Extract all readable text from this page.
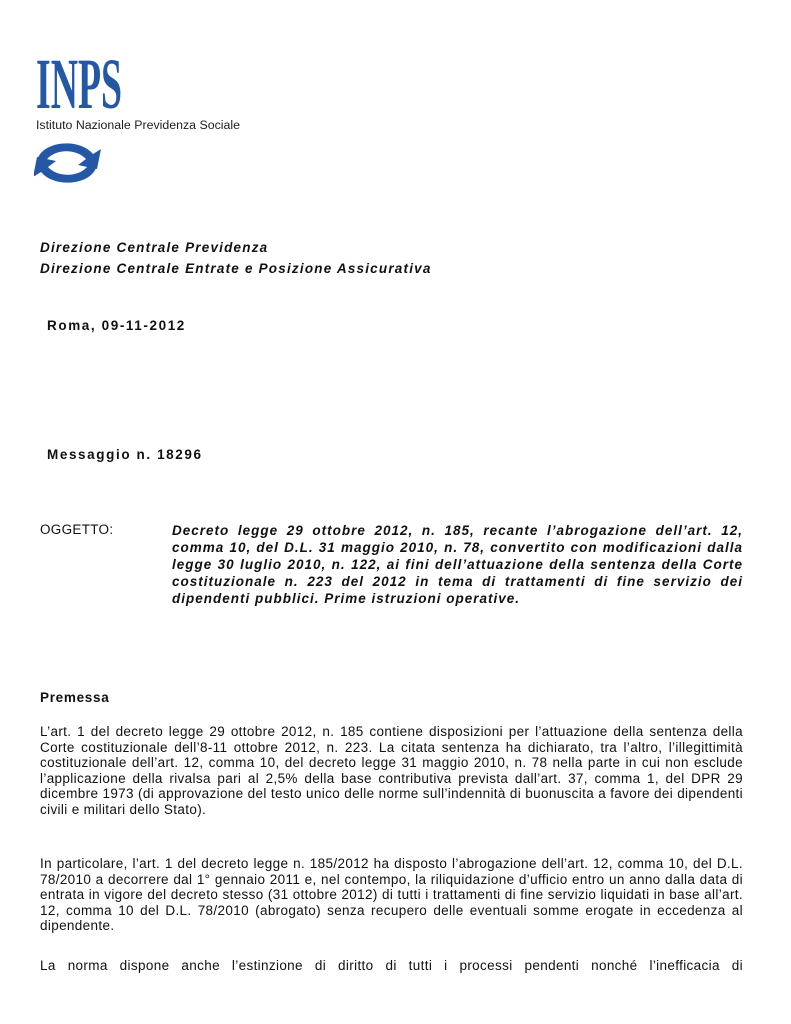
INPS
Istituto Nazionale Previdenza Sociale
Direzione Centrale Previdenza
Direzione Centrale Entrate e Posizione Assicurativa
Roma, 09-11-2012
Messaggio n. 18296
OGGETTO:	Decreto legge 29 ottobre 2012, n. 185, recante l’abrogazione dell’art. 12, comma 10, del D.L. 31 maggio 2010, n. 78, convertito con modificazioni dalla legge 30 luglio 2010, n. 122, ai fini dell’attuazione della sentenza della Corte costituzionale n. 223 del 2012 in tema di trattamenti di fine servizio dei dipendenti pubblici. Prime istruzioni operative.
Premessa
L’art. 1 del decreto legge 29 ottobre 2012, n. 185 contiene disposizioni per l’attuazione della sentenza della Corte costituzionale dell’8-11 ottobre 2012, n. 223. La citata sentenza ha dichiarato, tra l’altro, l’illegittimità costituzionale dell’art. 12, comma 10, del decreto legge 31 maggio 2010, n. 78 nella parte in cui non esclude l’applicazione della rivalsa pari al 2,5% della base contributiva prevista dall’art. 37, comma 1, del DPR 29 dicembre 1973 (di approvazione del testo unico delle norme sull’indennità di buonuscita a favore dei dipendenti civili e militari dello Stato).
In particolare, l’art. 1 del decreto legge n. 185/2012 ha disposto l’abrogazione dell’art. 12, comma 10, del D.L. 78/2010 a decorrere dal 1° gennaio 2011 e, nel contempo, la riliquidazione d’ufficio entro un anno dalla data di entrata in vigore del decreto stesso (31 ottobre 2012) di tutti i trattamenti di fine servizio liquidati in base all’art. 12, comma 10 del D.L. 78/2010 (abrogato) senza recupero delle eventuali somme erogate in eccedenza al dipendente.
La norma dispone anche l’estinzione di diritto di tutti i processi pendenti nonché l’inefficacia di
